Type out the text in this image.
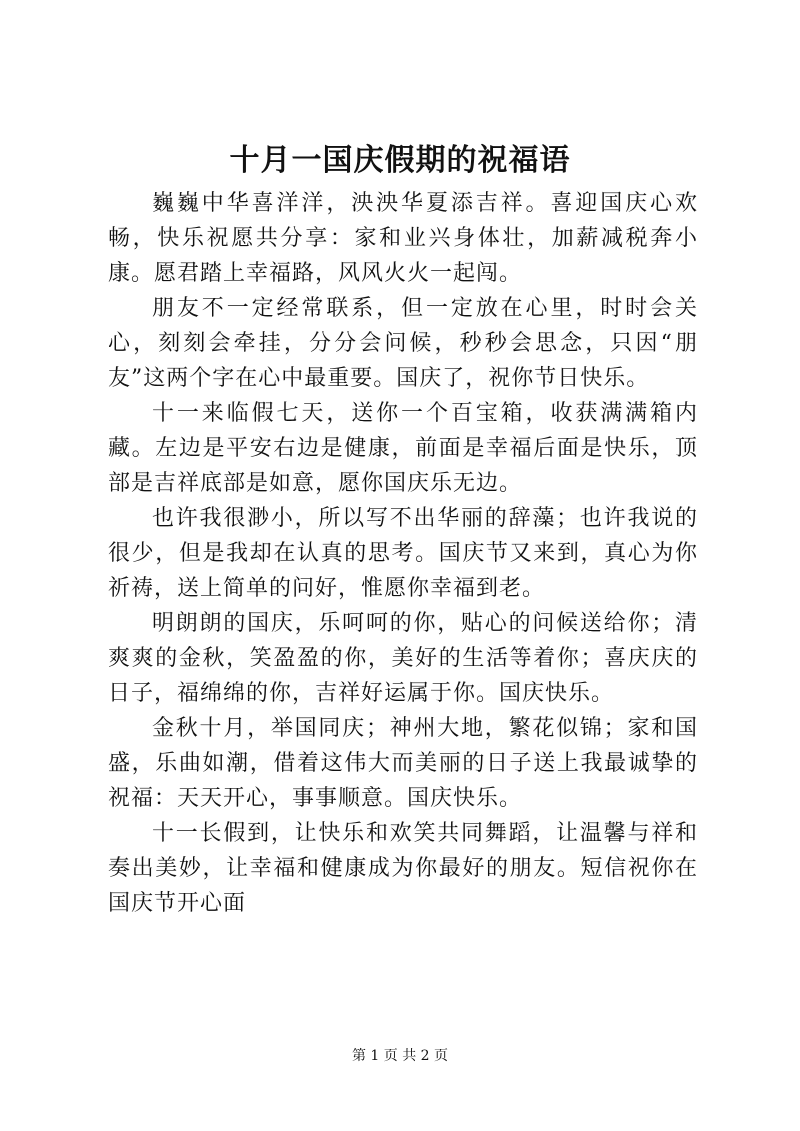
十月一国庆假期的祝福语

巍巍中华喜洋洋，泱泱华夏添吉祥。喜迎国庆心欢畅，快乐祝愿共分享：家和业兴身体壮，加薪减税奔小康。愿君踏上幸福路，风风火火一起闯。

朋友不一定经常联系，但一定放在心里，时时会关心，刻刻会牵挂，分分会问候，秒秒会思念，只因“朋友”这两个字在心中最重要。国庆了，祝你节日快乐。

十一来临假七天，送你一个百宝箱，收获满满箱内藏。左边是平安右边是健康，前面是幸福后面是快乐，顶部是吉祥底部是如意，愿你国庆乐无边。

也许我很渺小，所以写不出华丽的辞藻；也许我说的很少，但是我却在认真的思考。国庆节又来到，真心为你祈祷，送上简单的问好，惟愿你幸福到老。

明朗朗的国庆，乐呵呵的你，贴心的问候送给你；清爽爽的金秋，笑盈盈的你，美好的生活等着你；喜庆庆的日子，福绵绵的你，吉祥好运属于你。国庆快乐。

金秋十月，举国同庆；神州大地，繁花似锦；家和国盛，乐曲如潮，借着这伟大而美丽的日子送上我最诚挚的祝福：天天开心，事事顺意。国庆快乐。

十一长假到，让快乐和欢笑共同舞蹈，让温馨与祥和奏出美妙，让幸福和健康成为你最好的朋友。短信祝你在国庆节开心面

第 1 页 共 2 页
